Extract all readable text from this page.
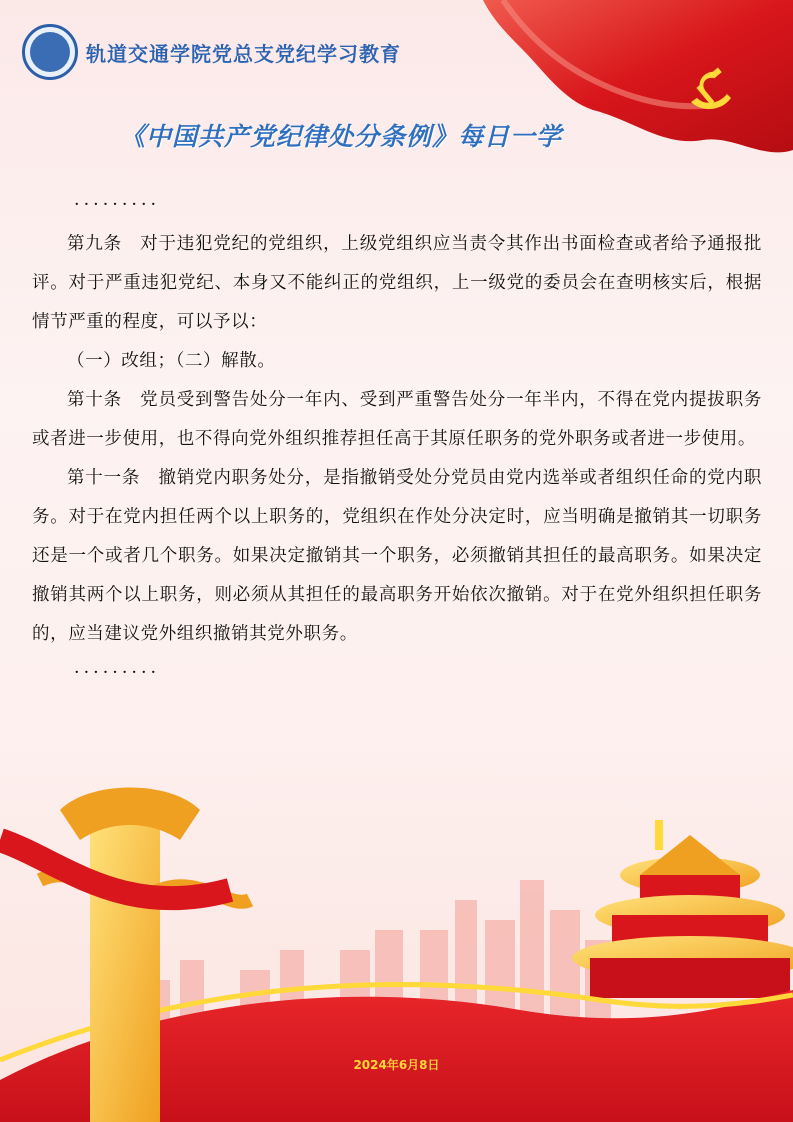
轨道交通学院党总支党纪学习教育
《中国共产党纪律处分条例》每日一学

·········

第九条　对于违犯党纪的党组织，上级党组织应当责令其作出书面检查或者给予通报批评。对于严重违犯党纪、本身又不能纠正的党组织，上一级党的委员会在查明核实后，根据情节严重的程度，可以予以：

（一）改组；（二）解散。

第十条　党员受到警告处分一年内、受到严重警告处分一年半内，不得在党内提拔职务或者进一步使用，也不得向党外组织推荐担任高于其原任职务的党外职务或者进一步使用。

第十一条　撤销党内职务处分，是指撤销受处分党员由党内选举或者组织任命的党内职务。对于在党内担任两个以上职务的，党组织在作处分决定时，应当明确是撤销其一切职务还是一个或者几个职务。如果决定撤销其一个职务，必须撤销其担任的最高职务。如果决定撤销其两个以上职务，则必须从其担任的最高职务开始依次撤销。对于在党外组织担任职务的，应当建议党外组织撤销其党外职务。

·········

2024年6月8日
